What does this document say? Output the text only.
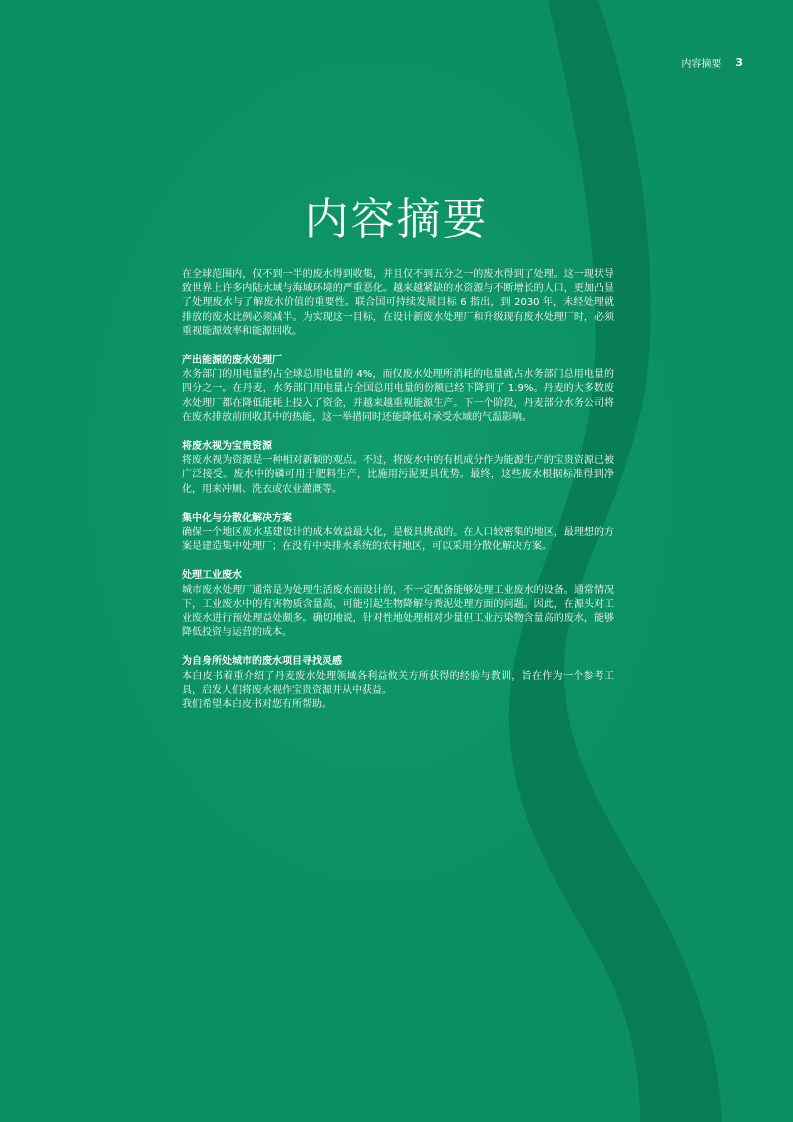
内容摘要 3
内容摘要

在全球范围内，仅不到一半的废水得到收集，并且仅不到五分之一的废水得到了处理。这一现状导致世界上许多内陆水域与海域环境的严重恶化。越来越紧缺的水资源与不断增长的人口，更加凸显了处理废水与了解废水价值的重要性。联合国可持续发展目标 6 指出，到 2030 年，未经处理就排放的废水比例必须减半。为实现这一目标，在设计新废水处理厂和升级现有废水处理厂时，必须重视能源效率和能源回收。

产出能源的废水处理厂

水务部门的用电量约占全球总用电量的 4%，而仅废水处理所消耗的电量就占水务部门总用电量的四分之一。在丹麦，水务部门用电量占全国总用电量的份额已经下降到了 1.9%。丹麦的大多数废水处理厂都在降低能耗上投入了资金，并越来越重视能源生产。下一个阶段，丹麦部分水务公司将在废水排放前回收其中的热能，这一举措同时还能降低对承受水域的气温影响。

将废水视为宝贵资源

将废水视为资源是一种相对新颖的观点。不过，将废水中的有机成分作为能源生产的宝贵资源已被广泛接受。废水中的磷可用于肥料生产，比施用污泥更具优势。最终，这些废水根据标准得到净化，用来冲厕、洗衣或农业灌溉等。

集中化与分散化解决方案

确保一个地区废水基建设计的成本效益最大化，是极具挑战的。在人口较密集的地区，最理想的方案是建造集中处理厂；在没有中央排水系统的农村地区，可以采用分散化解决方案。

处理工业废水

城市废水处理厂通常是为处理生活废水而设计的，不一定配备能够处理工业废水的设备。通常情况下，工业废水中的有害物质含量高，可能引起生物降解与粪泥处理方面的问题。因此，在源头对工业废水进行预处理益处颇多。确切地说，针对性地处理相对少量但工业污染物含量高的废水，能够降低投资与运营的成本。

为自身所处城市的废水项目寻找灵感

本白皮书着重介绍了丹麦废水处理领域各利益攸关方所获得的经验与教训，旨在作为一个参考工具，启发人们将废水视作宝贵资源并从中获益。

我们希望本白皮书对您有所帮助。
